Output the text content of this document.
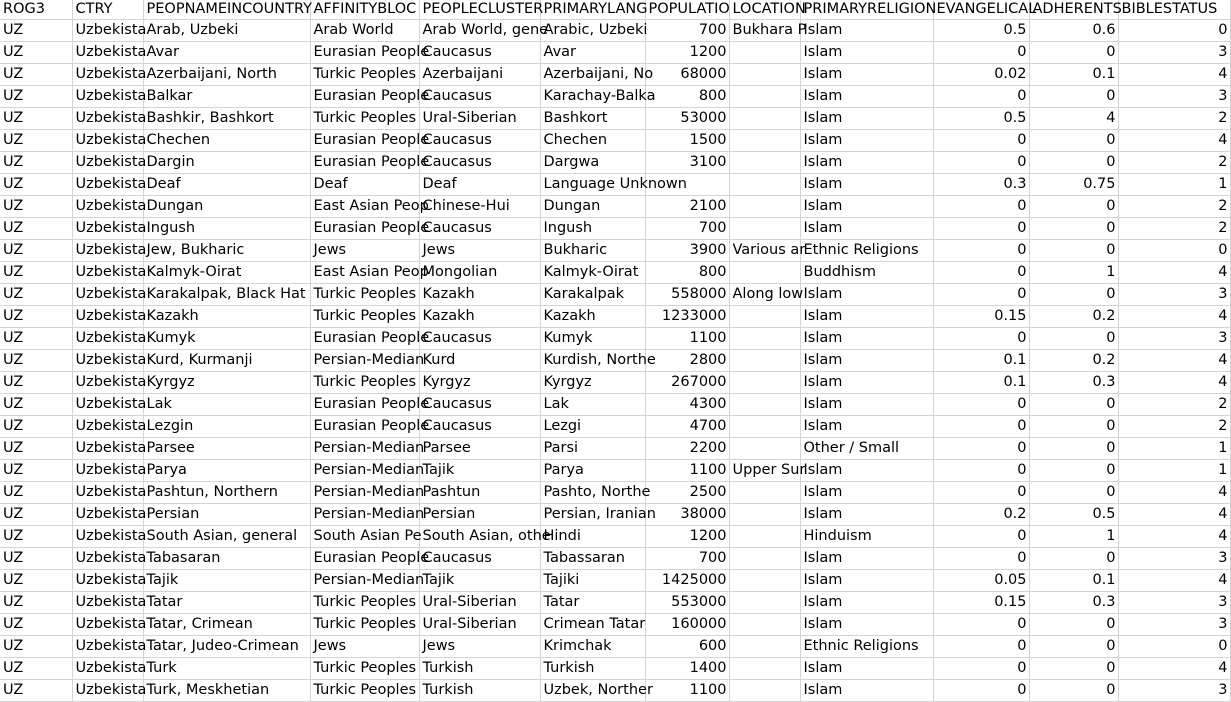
ROG3	CTRY	PEOPNAMEINCOUNTRY	AFFINITYBLOC	PEOPLECLUSTER	PRIMARYLANG	POPULATIO	LOCATION	PRIMARYRELIGION	EVANGELICAL	ADHERENTS	BIBLESTATUS
UZ	Uzbekista	Arab, Uzbeki	Arab World	Arab World, gene	Arabic, Uzbeki	700	Bukhara P	Islam	0.5	0.6	0
UZ	Uzbekista	Avar	Eurasian People	Caucasus	Avar	1200		Islam	0	0	3
UZ	Uzbekista	Azerbaijani, North	Turkic Peoples	Azerbaijani	Azerbaijani, No	68000		Islam	0.02	0.1	4
UZ	Uzbekista	Balkar	Eurasian People	Caucasus	Karachay-Balka	800		Islam	0	0	3
UZ	Uzbekista	Bashkir, Bashkort	Turkic Peoples	Ural-Siberian	Bashkort	53000		Islam	0.5	4	2
UZ	Uzbekista	Chechen	Eurasian People	Caucasus	Chechen	1500		Islam	0	0	4
UZ	Uzbekista	Dargin	Eurasian People	Caucasus	Dargwa	3100		Islam	0	0	2
UZ	Uzbekista	Deaf	Deaf	Deaf	Language Unknown			Islam	0.3	0.75	1
UZ	Uzbekista	Dungan	East Asian Peop	Chinese-Hui	Dungan	2100		Islam	0	0	2
UZ	Uzbekista	Ingush	Eurasian People	Caucasus	Ingush	700		Islam	0	0	2
UZ	Uzbekista	Jew, Bukharic	Jews	Jews	Bukharic	3900	Various ar	Ethnic Religions	0	0	0
UZ	Uzbekista	Kalmyk-Oirat	East Asian Peop	Mongolian	Kalmyk-Oirat	800		Buddhism	0	1	4
UZ	Uzbekista	Karakalpak, Black Hat	Turkic Peoples	Kazakh	Karakalpak	558000	Along low	Islam	0	0	3
UZ	Uzbekista	Kazakh	Turkic Peoples	Kazakh	Kazakh	1233000		Islam	0.15	0.2	4
UZ	Uzbekista	Kumyk	Eurasian People	Caucasus	Kumyk	1100		Islam	0	0	3
UZ	Uzbekista	Kurd, Kurmanji	Persian-Median	Kurd	Kurdish, Northe	2800		Islam	0.1	0.2	4
UZ	Uzbekista	Kyrgyz	Turkic Peoples	Kyrgyz	Kyrgyz	267000		Islam	0.1	0.3	4
UZ	Uzbekista	Lak	Eurasian People	Caucasus	Lak	4300		Islam	0	0	2
UZ	Uzbekista	Lezgin	Eurasian People	Caucasus	Lezgi	4700		Islam	0	0	2
UZ	Uzbekista	Parsee	Persian-Median	Parsee	Parsi	2200		Other / Small	0	0	1
UZ	Uzbekista	Parya	Persian-Median	Tajik	Parya	1100	Upper Sur	Islam	0	0	1
UZ	Uzbekista	Pashtun, Northern	Persian-Median	Pashtun	Pashto, Northe	2500		Islam	0	0	4
UZ	Uzbekista	Persian	Persian-Median	Persian	Persian, Iranian	38000		Islam	0.2	0.5	4
UZ	Uzbekista	South Asian, general	South Asian Pe	South Asian, othe	Hindi	1200		Hinduism	0	1	4
UZ	Uzbekista	Tabasaran	Eurasian People	Caucasus	Tabassaran	700		Islam	0	0	3
UZ	Uzbekista	Tajik	Persian-Median	Tajik	Tajiki	1425000		Islam	0.05	0.1	4
UZ	Uzbekista	Tatar	Turkic Peoples	Ural-Siberian	Tatar	553000		Islam	0.15	0.3	3
UZ	Uzbekista	Tatar, Crimean	Turkic Peoples	Ural-Siberian	Crimean Tatar	160000		Islam	0	0	3
UZ	Uzbekista	Tatar, Judeo-Crimean	Jews	Jews	Krimchak	600		Ethnic Religions	0	0	0
UZ	Uzbekista	Turk	Turkic Peoples	Turkish	Turkish	1400		Islam	0	0	4
UZ	Uzbekista	Turk, Meskhetian	Turkic Peoples	Turkish	Uzbek, Norther	1100		Islam	0	0	3
